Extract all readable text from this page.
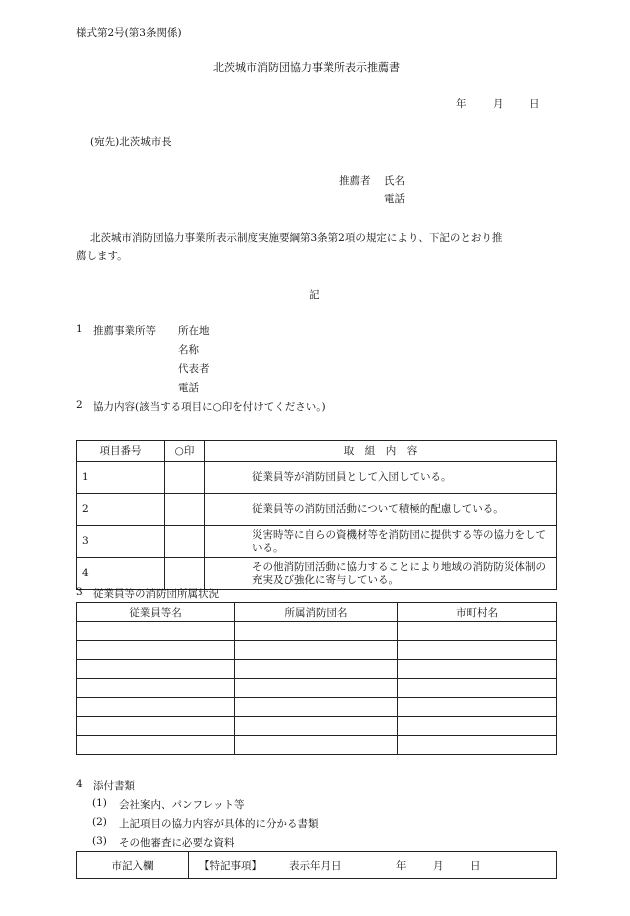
様式第2号(第3条関係)
北茨城市消防団協力事業所表示推薦書
年	月 日
(宛先)北茨城市長
推薦者 氏名
電話
北茨城市消防団協力事業所表示制度実施要綱第3条第2項の規定により、下記のとおり推
薦します。
記
1 推薦事業所等 所在地
名称
代表者
電話
2 協力内容(該当する項目に○印を付けてください。)
項目番号	○印	取　組　内　容
1		従業員等が消防団員として入団している。

2		従業員等の消防団活動について積極的配慮している。

3		災害時等に自らの資機材等を消防団に提供する等の協力をして
いる。

4		その他消防団活動に協力することにより地域の消防防災体制の
充実及び強化に寄与している。
3 従業員等の消防団所属状況
従業員等名	所属消防団名	市町村名

4 添付書類
(1) 会社案内、パンフレット等
(2) 上記項目の協力内容が具体的に分かる書類
(3) その他審査に必要な資料
市記入欄	【特記事項】	表示年月日	年	月	日
